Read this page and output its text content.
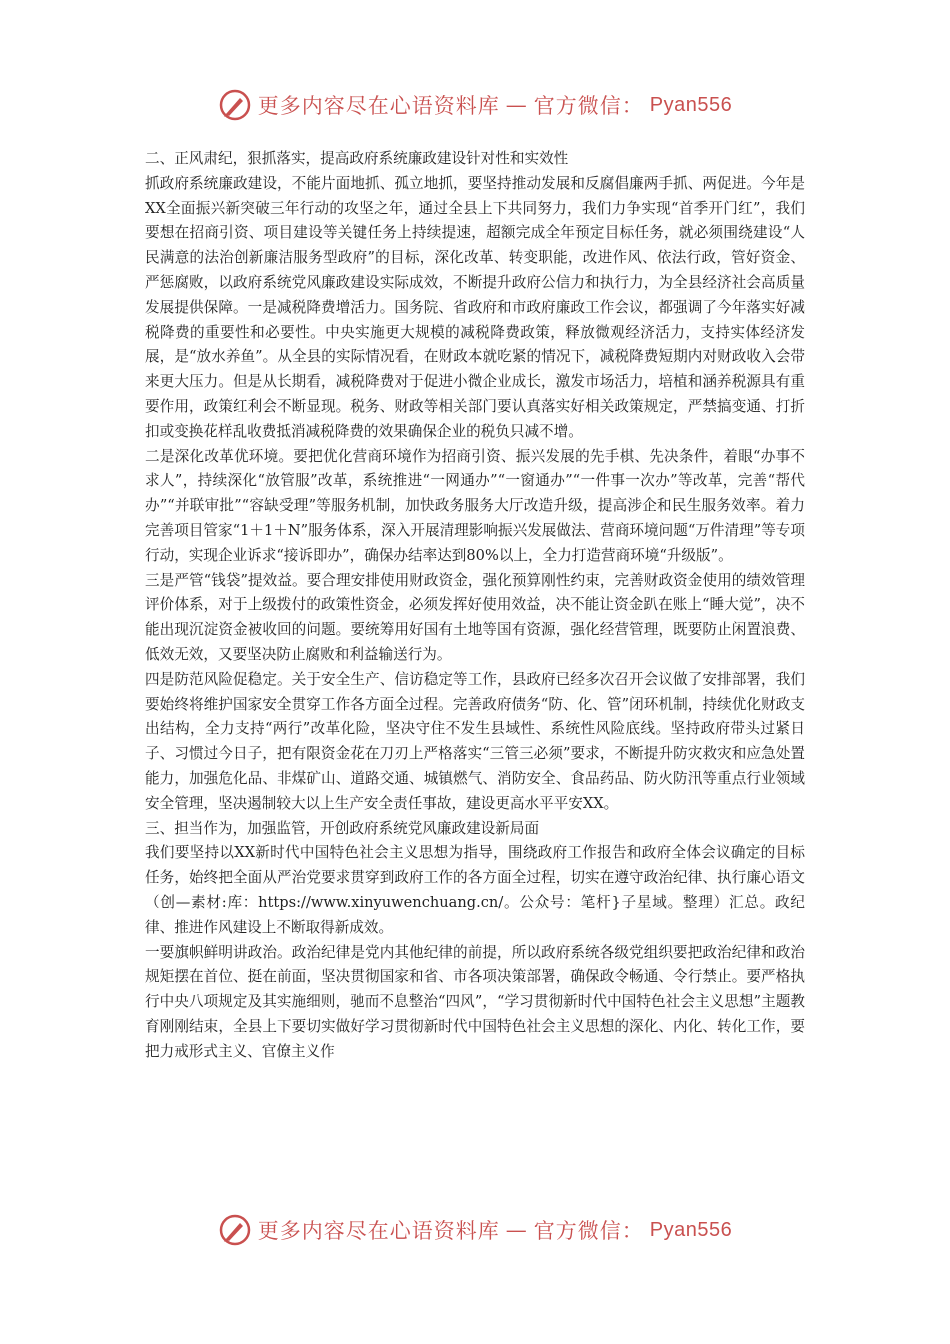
更多内容尽在心语资料库 — 官方微信： Pyan556

二、正风肃纪，狠抓落实，提高政府系统廉政建设针对性和实效性

抓政府系统廉政建设，不能片面地抓、孤立地抓，要坚持推动发展和反腐倡廉两手抓、两促进。今年是XX全面振兴新突破三年行动的攻坚之年，通过全县上下共同努力，我们力争实现“首季开门红”，我们要想在招商引资、项目建设等关键任务上持续提速，超额完成全年预定目标任务，就必须围绕建设“人民满意的法治创新廉洁服务型政府”的目标，深化改革、转变职能，改进作风、依法行政，管好资金、严惩腐败，以政府系统党风廉政建设实际成效，不断提升政府公信力和执行力，为全县经济社会高质量发展提供保障。一是减税降费增活力。国务院、省政府和市政府廉政工作会议，都强调了今年落实好减税降费的重要性和必要性。中央实施更大规模的减税降费政策，释放微观经济活力，支持实体经济发展，是“放水养鱼”。从全县的实际情况看，在财政本就吃紧的情况下，减税降费短期内对财政收入会带来更大压力。但是从长期看，减税降费对于促进小微企业成长，激发市场活力，培植和涵养税源具有重要作用，政策红利会不断显现。税务、财政等相关部门要认真落实好相关政策规定，严禁搞变通、打折扣或变换花样乱收费抵消减税降费的效果确保企业的税负只减不增。

二是深化改革优环境。要把优化营商环境作为招商引资、振兴发展的先手棋、先决条件，着眼“办事不求人”，持续深化“放管服”改革，系统推进“一网通办”“一窗通办”“一件事一次办”等改革，完善“帮代办”“并联审批”“容缺受理”等服务机制，加快政务服务大厅改造升级，提高涉企和民生服务效率。着力完善项目管家“1＋1＋N”服务体系，深入开展清理影响振兴发展做法、营商环境问题“万件清理”等专项行动，实现企业诉求“接诉即办”，确保办结率达到80%以上，全力打造营商环境“升级版”。

三是严管“钱袋”提效益。要合理安排使用财政资金，强化预算刚性约束，完善财政资金使用的绩效管理评价体系，对于上级拨付的政策性资金，必须发挥好使用效益，决不能让资金趴在账上“睡大觉”，决不能出现沉淀资金被收回的问题。要统筹用好国有土地等国有资源，强化经营管理，既要防止闲置浪费、低效无效，又要坚决防止腐败和利益输送行为。

四是防范风险促稳定。关于安全生产、信访稳定等工作，县政府已经多次召开会议做了安排部署，我们要始终将维护国家安全贯穿工作各方面全过程。完善政府债务“防、化、管”闭环机制，持续优化财政支出结构，全力支持“两行”改革化险，坚决守住不发生县域性、系统性风险底线。坚持政府带头过紧日子、习惯过今日子，把有限资金花在刀刃上严格落实“三管三必须”要求，不断提升防灾救灾和应急处置能力，加强危化品、非煤矿山、道路交通、城镇燃气、消防安全、食品药品、防火防汛等重点行业领域安全管理，坚决遏制较大以上生产安全责任事故，建设更高水平平安XX。

三、担当作为，加强监管，开创政府系统党风廉政建设新局面

我们要坚持以XX新时代中国特色社会主义思想为指导，围绕政府工作报告和政府全体会议确定的目标任务，始终把全面从严治党要求贯穿到政府工作的各方面全过程，切实在遵守政治纪律、执行廉心语文（创—素材:库：https://www.xinyuwenchuang.cn/。公众号：笔杆}子星域。整理）汇总。政纪律、推进作风建设上不断取得新成效。

一要旗帜鲜明讲政治。政治纪律是党内其他纪律的前提，所以政府系统各级党组织要把政治纪律和政治规矩摆在首位、挺在前面，坚决贯彻国家和省、市各项决策部署，确保政令畅通、令行禁止。要严格执行中央八项规定及其实施细则，驰而不息整治“四风”，“学习贯彻新时代中国特色社会主义思想”主题教育刚刚结束，全县上下要切实做好学习贯彻新时代中国特色社会主义思想的深化、内化、转化工作，要把力戒形式主义、官僚主义作

更多内容尽在心语资料库 — 官方微信： Pyan556
